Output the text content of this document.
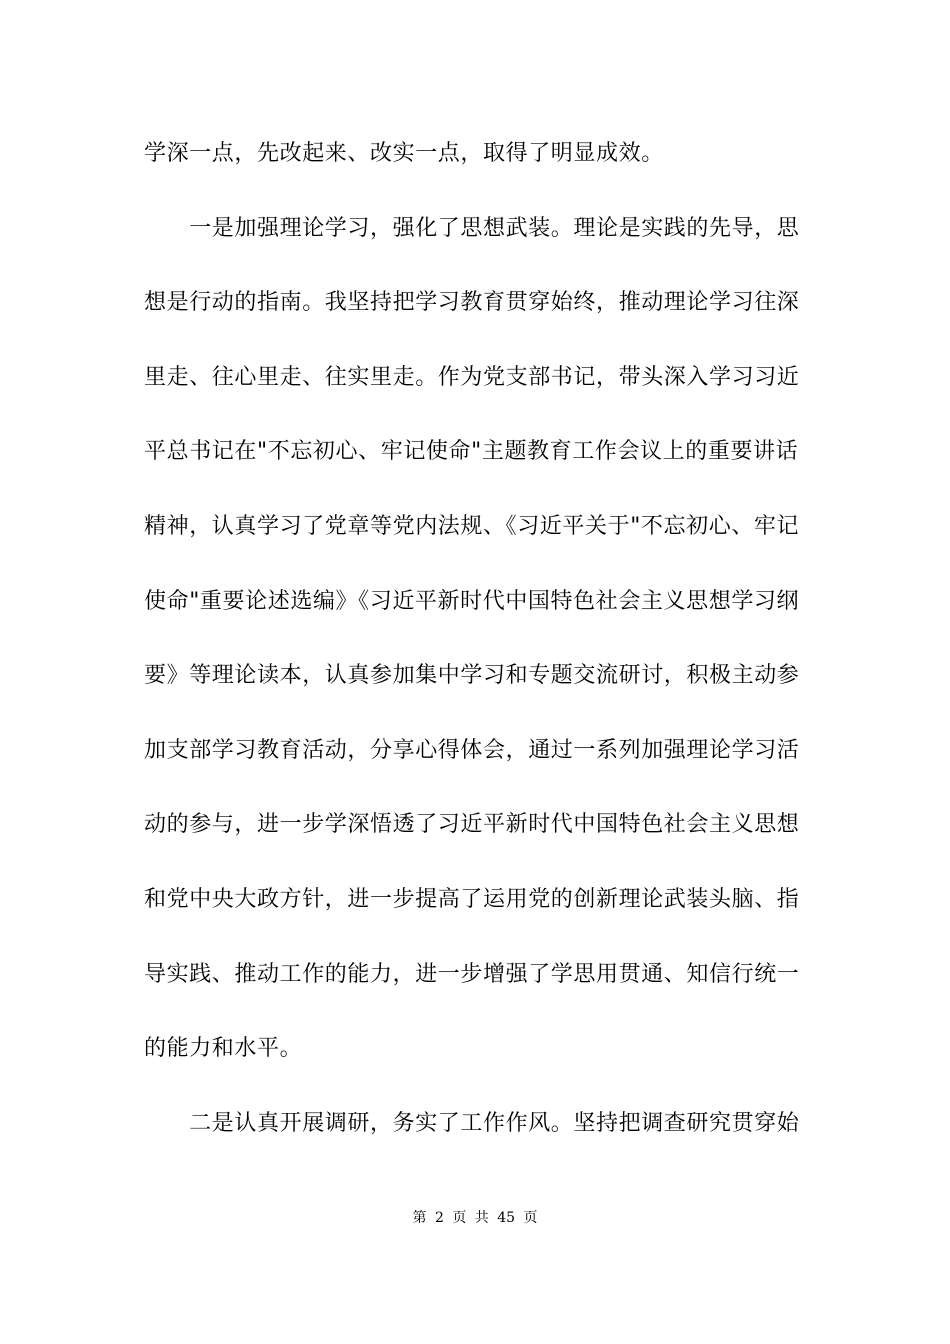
学深一点，先改起来、改实一点，取得了明显成效。
　　一是加强理论学习，强化了思想武装。理论是实践的先导，思
想是行动的指南。我坚持把学习教育贯穿始终，推动理论学习往深
里走、往心里走、往实里走。作为党支部书记，带头深入学习习近
平总书记在"不忘初心、牢记使命"主题教育工作会议上的重要讲话
精神，认真学习了党章等党内法规、《习近平关于"不忘初心、牢记
使命"重要论述选编》《习近平新时代中国特色社会主义思想学习纲
要》等理论读本，认真参加集中学习和专题交流研讨，积极主动参
加支部学习教育活动，分享心得体会，通过一系列加强理论学习活
动的参与，进一步学深悟透了习近平新时代中国特色社会主义思想
和党中央大政方针，进一步提高了运用党的创新理论武装头脑、指
导实践、推动工作的能力，进一步增强了学思用贯通、知信行统一
的能力和水平。
　　二是认真开展调研，务实了工作作风。坚持把调查研究贯穿始
第 2 页 共 45 页
